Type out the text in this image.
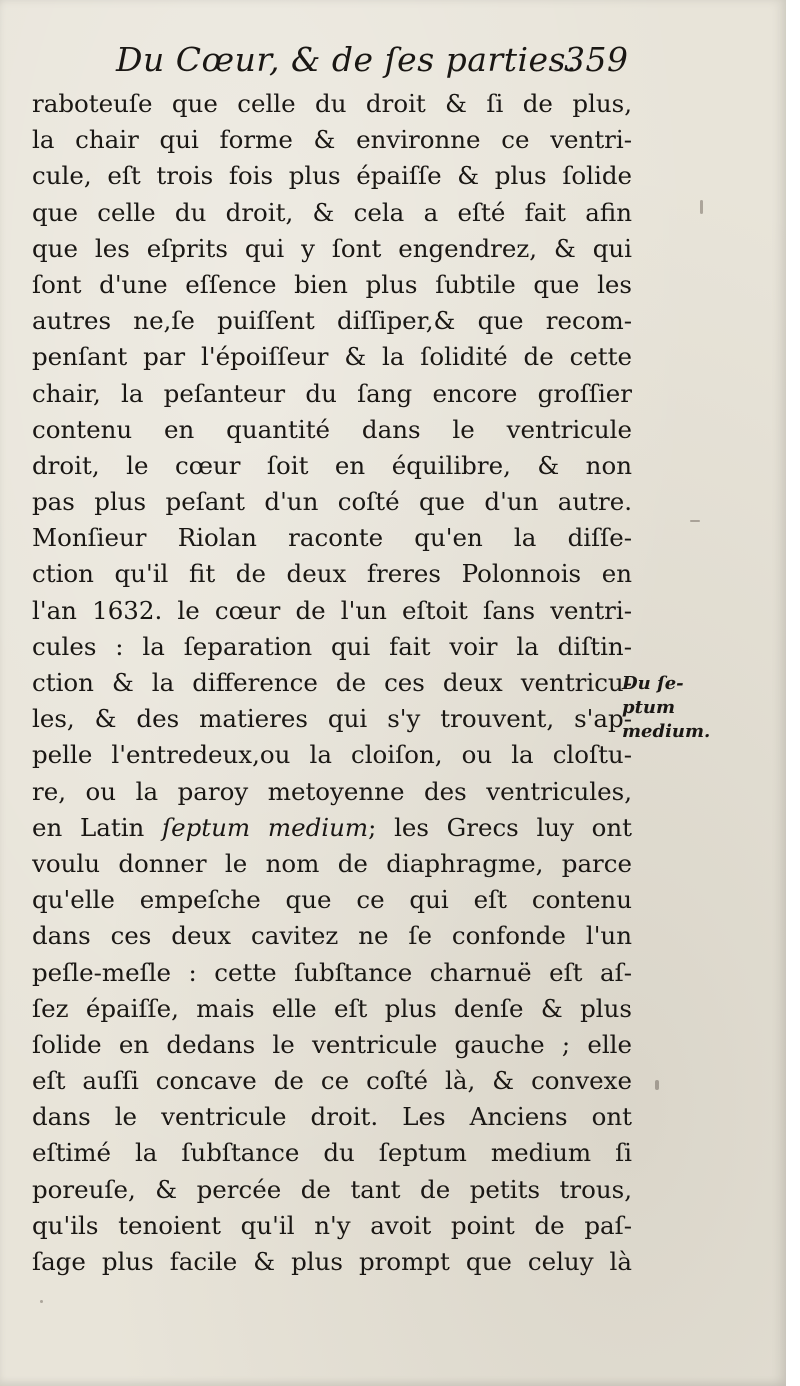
Du Cœur, & de ſes parties.
359
raboteuſe que celle du droit & ſi de plus,
la chair qui forme & environne ce ventri-
cule, eſt trois fois plus épaiſſe & plus ſolide
que celle du droit, & cela a eſté fait afin
que les eſprits qui y ſont engendrez, & qui
ſont d'une eſſence bien plus ſubtile que les
autres ne,ſe puiſſent diſſiper,& que recom-
penſant par l'époiſſeur & la ſolidité de cette
chair, la peſanteur du ſang encore groſſier
contenu en quantité dans le ventricule
droit, le cœur ſoit en équilibre, & non
pas plus peſant d'un coſté que d'un autre.
Monſieur Riolan raconte qu'en la diſſe-
ction qu'il fit de deux freres Polonnois en
l'an 1632. le cœur de l'un eſtoit ſans ventri-
cules : la ſeparation qui fait voir la diſtin-
ction & la difference de ces deux ventricu-
les, & des matieres qui s'y trouvent, s'ap-
pelle l'entredeux,ou la cloiſon, ou la cloſtu-
re, ou la paroy metoyenne des ventricules,
en Latin ſeptum medium; les Grecs luy ont
voulu donner le nom de diaphragme, parce
qu'elle empeſche que ce qui eſt contenu
dans ces deux cavitez ne ſe confonde l'un
peſle-meſle : cette ſubſtance charnuë eſt aſ-
ſez épaiſſe, mais elle eſt plus denſe & plus
ſolide en dedans le ventricule gauche ; elle
eſt auſſi concave de ce coſté là, & convexe
dans le ventricule droit. Les Anciens ont
eſtimé la ſubſtance du ſeptum medium ſi
poreuſe, & percée de tant de petits trous,
qu'ils tenoient qu'il n'y avoit point de paſ-
ſage plus facile & plus prompt que celuy là
Du ſe-
ptum
medium.
